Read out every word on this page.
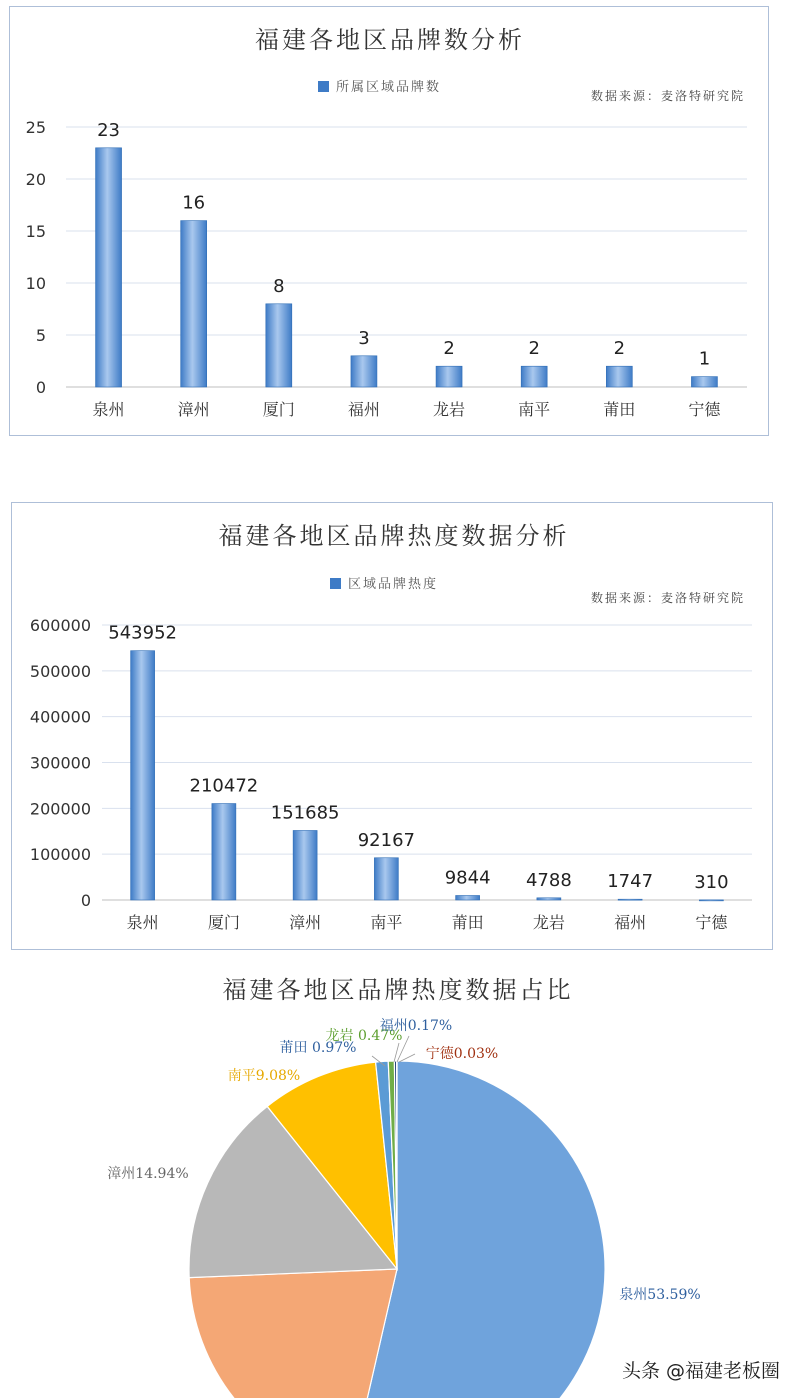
福建各地区品牌数分析
所属区域品牌数
数据来源：麦洛特研究院
0
5
10
15
20
25	23
泉州
16
漳州
8
厦门
3
福州
2
龙岩
2
南平
2
莆田
1
宁德
福建各地区品牌热度数据分析
区域品牌热度
数据来源：麦洛特研究院
0
100000
200000
300000
400000
500000
600000 543952
泉州
210472
厦门
151685
漳州
92167
南平
9844
莆田
4788
龙岩
1747
福州
310
宁德
福建各地区品牌热度数据占比
泉州53.59%
漳州14.94%
南平9.08%
莆田 0.97%
龙岩 0.47%
福州0.17%
宁德0.03%
头条 @福建老板圈
